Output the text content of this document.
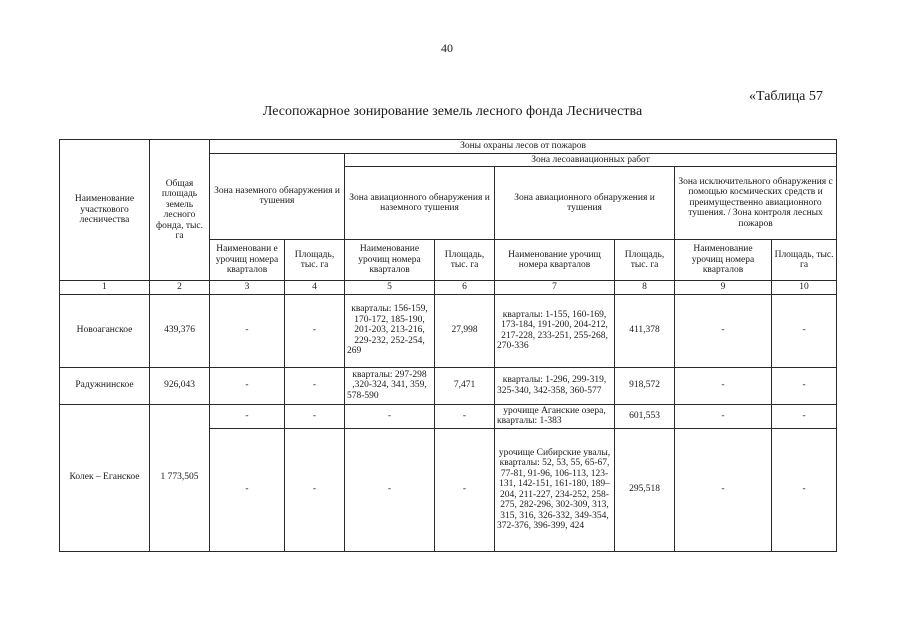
40
«Таблица 57
Лесопожарное зонирование земель лесного фонда Лесничества
Наименование участкового лесничества	Общая площадь земель лесного фонда, тыс. га	Зоны охраны лесов от пожаров							
		Зона наземного обнаружения и тушения		Зона лесоавиационных работ					
				Зона авиационного обнаружения и наземного тушения		Зона авиационного обнаружения и тушения		Зона исключительного обнаружения с помощью космических средств и преимущественно авиационного тушения. / Зона контроля лесных пожаров	
		Наименовани е урочищ номера кварталов	Площадь, тыс. га	Наименование урочищ номера кварталов	Площадь, тыс. га	Наименование урочищ номера кварталов	Площадь, тыс. га	Наименование урочищ номера кварталов	Площадь, тыс. га
1	2	3	4	5	6	7	8	9	10
Новоаганское	439,376	-	-	кварталы: 156-159, 170-172, 185-190, 201-203, 213-216, 229-232, 252-254, 269	27,998	кварталы: 1-155, 160-169, 173-184, 191-200, 204-212, 217-228, 233-251, 255-268, 270-336	411,378	-	-
Радужнинское	926,043	-	-	кварталы: 297-298 ,320-324, 341, 359, 578-590	7,471	кварталы: 1-296, 299-319, 325-340, 342-358, 360-577	918,572	-	-
Колек – Еганское	1 773,505	-	-	-	-	урочище Аганские озера, кварталы: 1-383	601,553	-	-
		-	-	-	-	урочище Сибирские увалы, кварталы: 52, 53, 55, 65-67, 77-81, 91-96, 106-113, 123-131, 142-151, 161-180, 189– 204, 211-227, 234-252, 258-275, 282-296, 302-309, 313, 315, 316, 326-332, 349-354, 372-376, 396-399, 424	295,518	-	-
